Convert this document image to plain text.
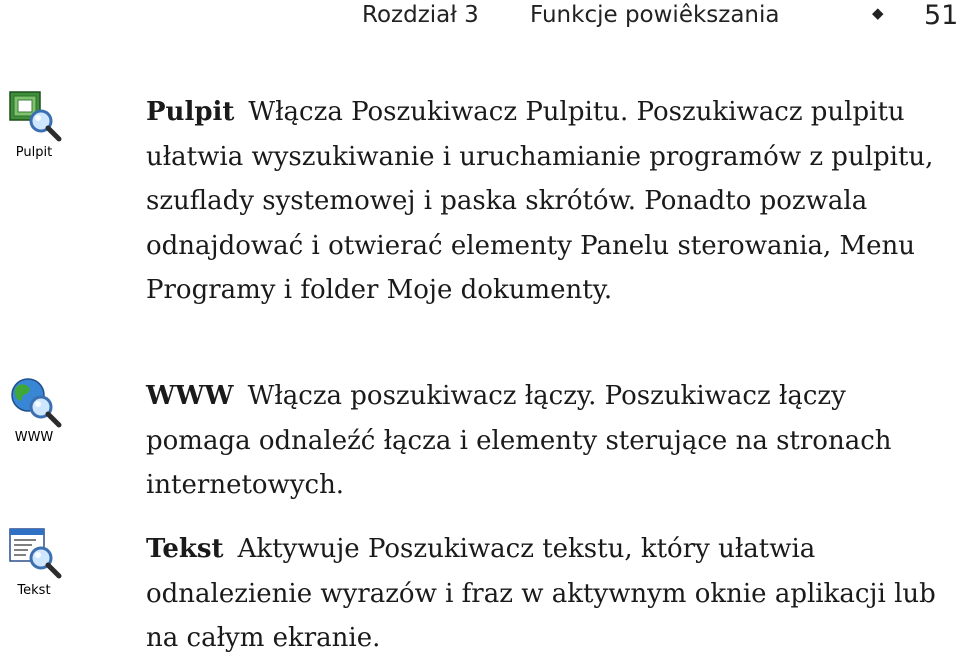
Rozdział 3 Funkcje powiêkszania	◆ 51
Pulpit

Pulpit Włącza Poszukiwacz Pulpitu. Poszukiwacz pulpitu ułatwia wyszukiwanie i uruchamianie programów z pulpitu, szuflady systemowej i paska skrótów. Ponadto pozwala odnajdować i otwierać elementy Panelu sterowania, Menu Programy i folder Moje dokumenty.

WWW

WWW Włącza poszukiwacz łączy. Poszukiwacz łączy pomaga odnaleźć łącza i elementy sterujące na stronach internetowych.

Tekst

Tekst Aktywuje Poszukiwacz tekstu, który ułatwia odnalezienie wyrazów i fraz w aktywnym oknie aplikacji lub na całym ekranie.
